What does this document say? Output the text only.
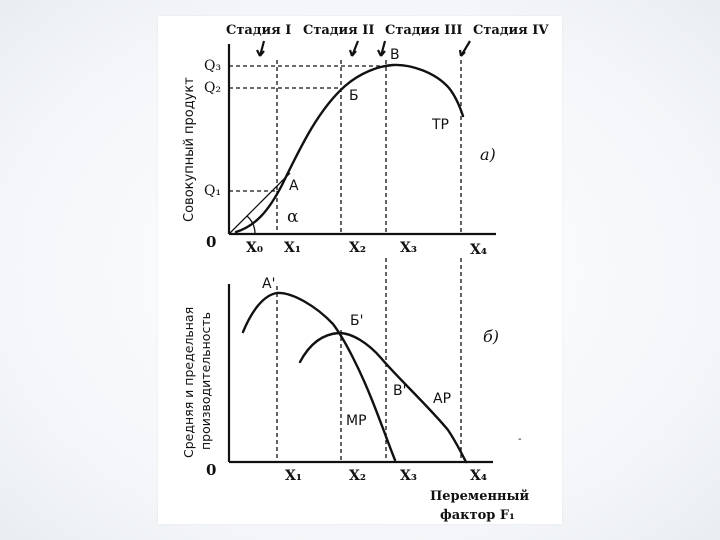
Стадия I Стадия II Стадия III Стадия IV
Совокупный продукт
Q₃
Q₂
Q₁
0
A
α
Б
B
TP
а)
X₀ X₁	X₂ X₃	X₄
Средняя и предельная производительность
0
A'
Б'
B' AP
MP
б)
-
X₁	X₂ X₃	X₄
Переменный
фактор F₁
